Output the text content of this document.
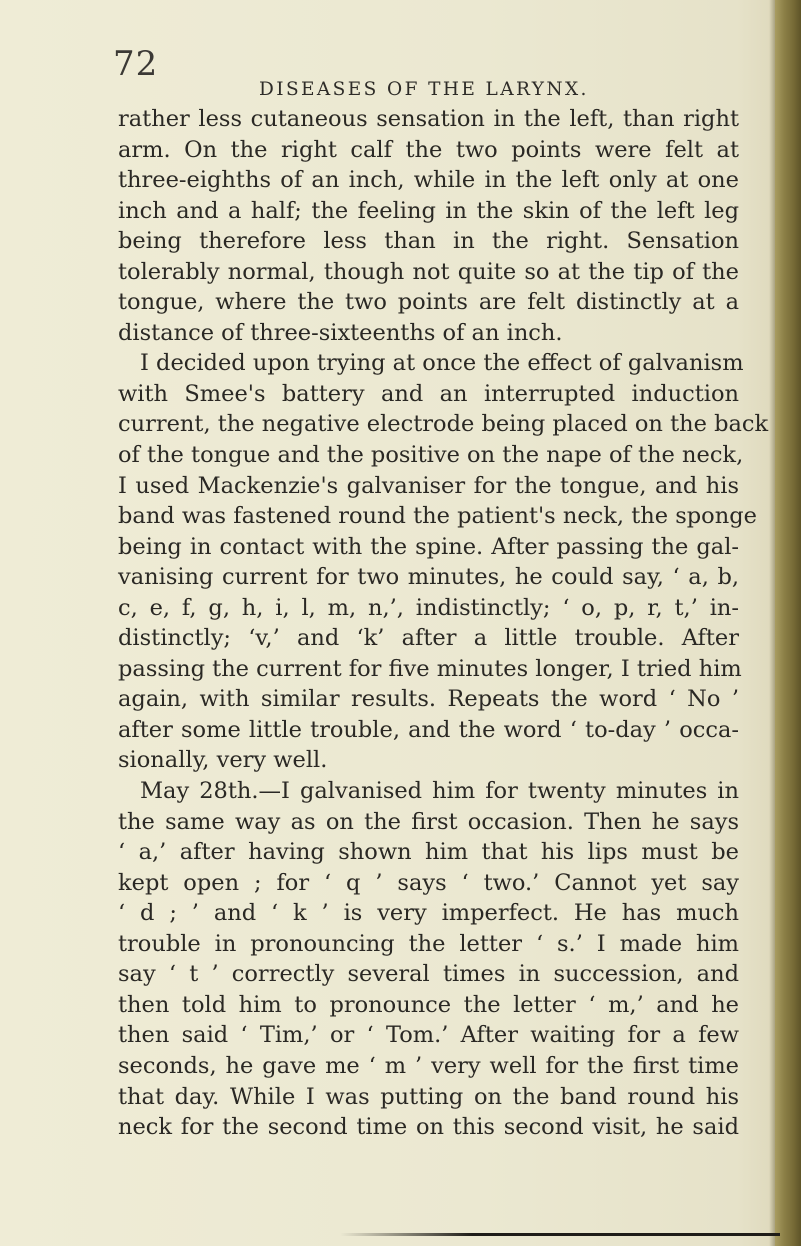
72
DISEASES OF THE LARYNX.
rather less cutaneous sensation in the left, than right
arm. On the right calf the two points were felt at
three-eighths of an inch, while in the left only at one
inch and a half; the feeling in the skin of the left leg
being therefore less than in the right. Sensation
tolerably normal, though not quite so at the tip of the
tongue, where the two points are felt distinctly at a
distance of three-sixteenths of an inch.
I decided upon trying at once the effect of galvanism
with Smee's battery and an interrupted induction
current, the negative electrode being placed on the back
of the tongue and the positive on the nape of the neck,
I used Mackenzie's galvaniser for the tongue, and his
band was fastened round the patient's neck, the sponge
being in contact with the spine. After passing the gal-
vanising current for two minutes, he could say, ‘ a, b,
c, e, f, g, h, i, l, m, n,’, indistinctly; ‘ o, p, r, t,’ in-
distinctly; ‘v,’ and ‘k’ after a little trouble. After
passing the current for five minutes longer, I tried him
again, with similar results. Repeats the word ‘ No ’
after some little trouble, and the word ‘ to-day ’ occa-
sionally, very well.
May 28th.—I galvanised him for twenty minutes in
the same way as on the first occasion. Then he says
‘ a,’ after having shown him that his lips must be
kept open ; for ‘ q ’ says ‘ two.’ Cannot yet say
‘ d ; ’ and ‘ k ’ is very imperfect. He has much
trouble in pronouncing the letter ‘ s.’ I made him
say ‘ t ’ correctly several times in succession, and
then told him to pronounce the letter ‘ m,’ and he
then said ‘ Tim,’ or ‘ Tom.’ After waiting for a few
seconds, he gave me ‘ m ’ very well for the first time
that day. While I was putting on the band round his
neck for the second time on this second visit, he said
